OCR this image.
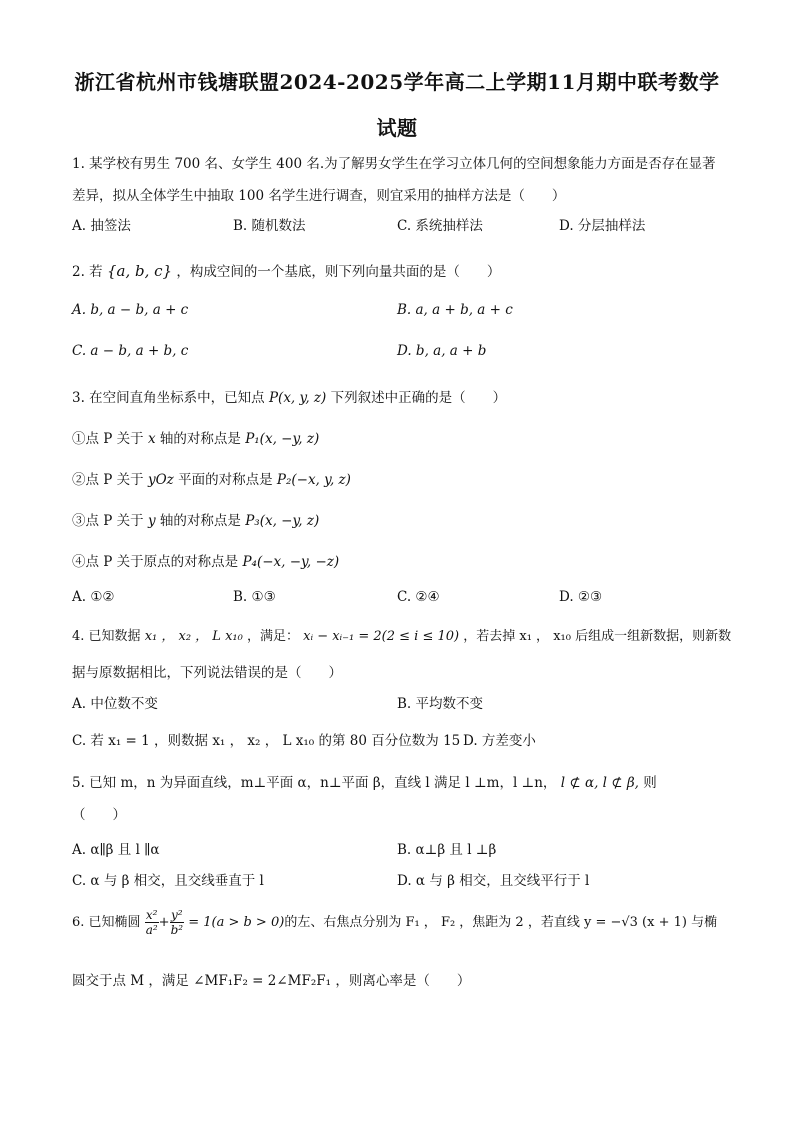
浙江省杭州市钱塘联盟2024-2025学年高二上学期11月期中联考数学
试题
1. 某学校有男生 700 名、女学生 400 名.为了解男女学生在学习立体几何的空间想象能力方面是否存在显著
差异，拟从全体学生中抽取 100 名学生进行调查，则宜采用的抽样方法是（　　）
A. 抽签法	B. 随机数法	C. 系统抽样法	D. 分层抽样法
2. 若 {a, b, c} ，构成空间的一个基底，则下列向量共面的是（　　）
A. b, a − b, a + c	B. a, a + b, a + c
C. a − b, a + b, c	D. b, a, a + b
3. 在空间直角坐标系中，已知点 P(x, y, z) 下列叙述中正确的是（　　）
①点 P 关于 x 轴的对称点是 P₁(x, −y, z)
②点 P 关于 yOz 平面的对称点是 P₂(−x, y, z)
③点 P 关于 y 轴的对称点是 P₃(x, −y, z)
④点 P 关于原点的对称点是 P₄(−x, −y, −z)
A. ①②	B. ①③	C. ②④	D. ②③
4. 已知数据 x₁ ， x₂ ， L x₁₀ ，满足： xᵢ − xᵢ₋₁ = 2(2 ≤ i ≤ 10) ，若去掉 x₁ ， x₁₀ 后组成一组新数据，则新数
据与原数据相比，下列说法错误的是（　　）
A. 中位数不变	B. 平均数不变
C. 若 x₁ = 1 ，则数据 x₁ ， x₂ ， L x₁₀ 的第 80 百分位数为 15 D. 方差变小
5. 已知 m，n 为异面直线，m⊥平面 α，n⊥平面 β，直线 l 满足 l ⊥m，l ⊥n， l ⊄ α, l ⊄ β, 则
（　　）
A. α∥β 且 l ∥α	B. α⊥β 且 l ⊥β
C. α 与 β 相交，且交线垂直于 l	D. α 与 β 相交，且交线平行于 l
6. 已知椭圆 $\frac{\text{x²}}{\text{a²}} + \frac{\text{y²}}{\text{b²}} = 1(a > b > 0)$的左、右焦点分别为 F₁ ， F₂ ，焦距为 2 ，若直线 y = −√3 (x + 1) 与椭
圆交于点 M ，满足 ∠MF₁F₂ = 2∠MF₂F₁ ，则离心率是（　　）
